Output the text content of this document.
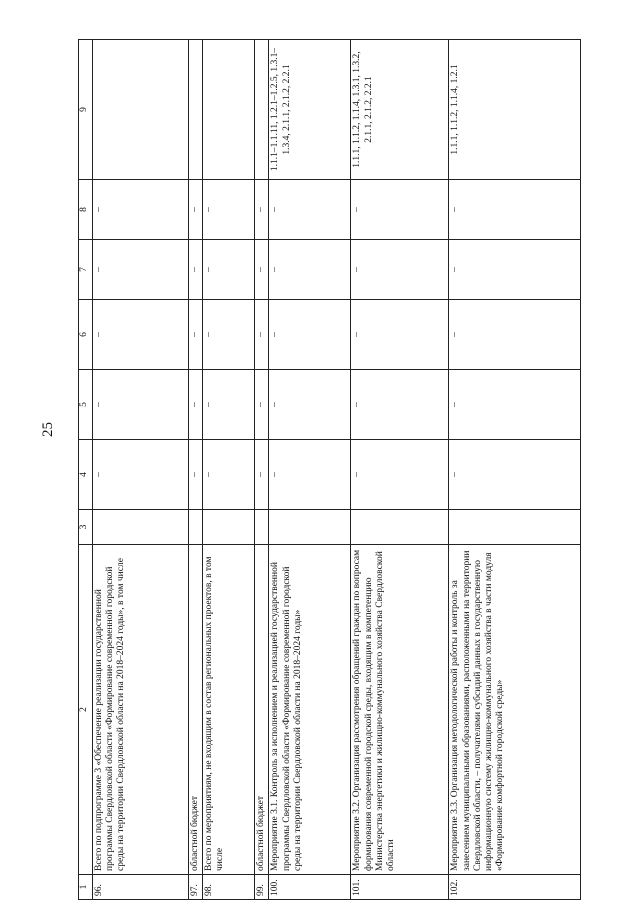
25
1	2	3	4	5	6	7	8	9
96.	Всего по подпрограмме 3 «Обеспечение реализации государственной программы Свердловской области «Формирование современной городской среды на территории Свердловской области на 2018–2024 годы», в том числе		–	–	–	–	–	
97.	областной бюджет		–	–	–	–	–	
98.	Всего по мероприятиям, не входящим в состав региональных проектов, в том числе		–	–	–	–	–	
99.	областной бюджет		–	–	–	–	–	
100.	Мероприятие 3.1. Контроль за исполнением и реализацией государственной программы Свердловской области «Формирование современной городской среды на территории Свердловской области на 2018–2024 годы»		–	–	–	–	–	1.1.1–1.1.11, 1.2.1–1.2.5, 1.3.1–1.3.4, 2.1.1, 2.1.2, 2.2.1
101.	Мероприятие 3.2. Организация рассмотрения обращений граждан по вопросам формирования современной городской среды, входящим в компетенцию Министерства энергетики и жилищно-коммунального хозяйства Свердловской области		–	–	–	–	–	1.1.1, 1.1.2, 1.1.4, 1.3.1, 1.3.2, 2.1.1, 2.1.2, 2.2.1
102.	Мероприятие 3.3. Организация методологической работы и контроль за занесением муниципальными образованиями, расположенными на территории Свердловской области, – получателями субсидий данных в государственную информационную систему жилищно-коммунального хозяйства в части модуля «Формирование комфортной городской среды»		–	–	–	–	–	1.1.1, 1.1.2, 1.1.4, 1.2.1
